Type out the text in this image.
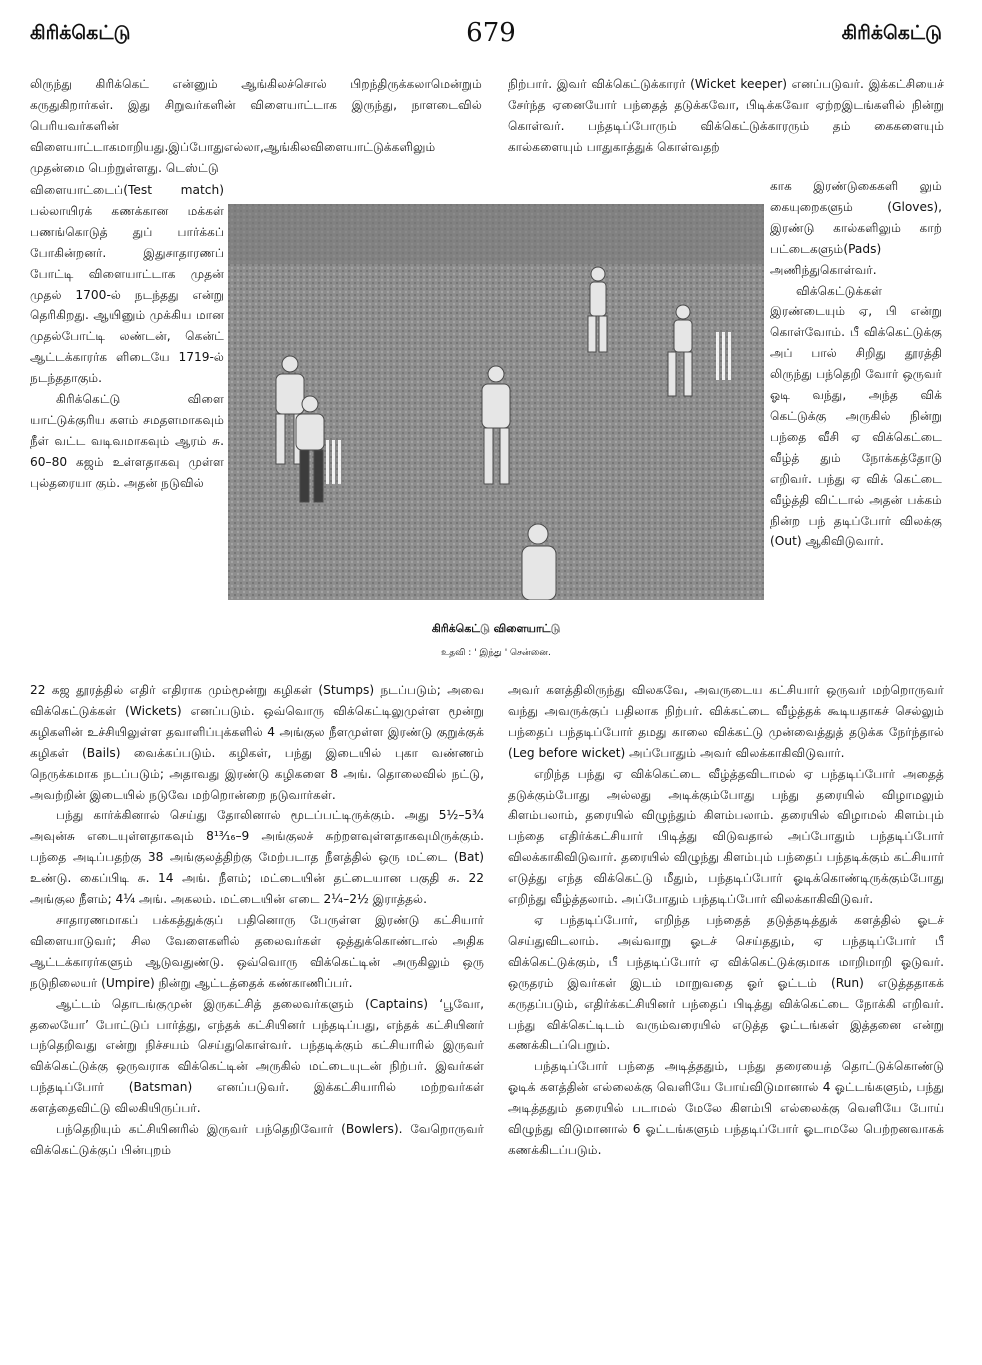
கிரிக்கெட்டு	679	கிரிக்கெட்டு

லிருந்து கிரிக்கெட் என்னும் ஆங்கிலச்சொல் பிறந்திருக்கலாமென்றும் கருதுகிறார்கள். இது சிறுவர்களின் விளையாட்டாக இருந்து, நாளடைவில் பெரியவர்களின் விளையாட்டாகமாறியது.இப்போதுஎல்லா,ஆங்கிலவிளையாட்டுக்களிலும் முதன்மை பெற்றுள்ளது. டெஸ்ட்டு

விளையாட்டைப்(Test match) பல்லாயிரக் கணக்கான மக்கள் பணங்கொடுத் துப் பார்க்கப் போகின்றனர். இதுசாதாரணப் போட்டி விளையாட்டாக முதன் முதல் 1700-ல் நடந்தது என்று தெரிகிறது. ஆயினும் முக்கிய மான முதல்போட்டி லண்டன், கென்ட் ஆட்டக்காரர்க ளிடையே 1719-ல் நடந்ததாகும்.

கிரிக்கெட்டு விளை யாட்டுக்குரிய களம் சமதளமாகவும் நீள் வட்ட வடிவமாகவும் ஆரம் சு. 60–80 கஜம் உள்ளதாகவு முள்ள புல்தரையா கும். அதன் நடுவில்

கிரிக்கெட்டு விளையாட்டு
உதவி : ' இந்து ' சென்னை.

22 கஜ தூரத்தில் எதிர் எதிராக மும்மூன்று கழிகள் (Stumps) நடப்படும்; அவை விக்கெட்டுக்கள் (Wickets) எனப்படும். ஒவ்வொரு விக்கெட்டிலுமுள்ள மூன்று கழிகளின் உச்சியிலுள்ள தவாளிப்புக்களில் 4 அங்குல நீளமுள்ள இரண்டு குறுக்குக் கழிகள் (Bails) வைக்கப்படும். கழிகள், பந்து இடையில் புகா வண்ணம் நெருக்கமாக நடப்படும்; அதாவது இரண்டு கழிகளை 8 அங். தொலைவில் நட்டு, அவற்றின் இடையில் நடுவே மற்றொன்றை நடுவார்கள்.

பந்து கார்க்கினால் செய்து தோலினால் மூடப்பட்டிருக்கும். அது 5½–5¾ அவுன்சு எடையுள்ளதாகவும் 8¹³⁄₁₆–9 அங்குலச் சுற்றளவுள்ளதாகவுமிருக்கும். பந்தை அடிப்பதற்கு 38 அங்குலத்திற்கு மேற்படாத நீளத்தில் ஒரு மட்டை (Bat) உண்டு. கைப்பிடி சு. 14 அங். நீளம்; மட்டையின் தட்டையான பகுதி சு. 22 அங்குல நீளம்; 4¼ அங். அகலம். மட்டையின் எடை 2¼–2½ இராத்தல்.

சாதாரணமாகப் பக்கத்துக்குப் பதினொரு பேருள்ள இரண்டு கட்சியார் விளையாடுவர்; சில வேளைகளில் தலைவர்கள் ஒத்துக்கொண்டால் அதிக ஆட்டக்காரர்களும் ஆடுவதுண்டு. ஒவ்வொரு விக்கெட்டின் அருகிலும் ஒரு நடுநிலையர் (Umpire) நின்று ஆட்டத்தைக் கண்காணிப்பர்.

ஆட்டம் தொடங்குமுன் இருகட்சித் தலைவர்களும் (Captains) ‘பூவோ, தலையோ’ போட்டுப் பார்த்து, எந்தக் கட்சியினர் பந்தடிப்பது, எந்தக் கட்சியினர் பந்தெறிவது என்று நிச்சயம் செய்துகொள்வர். பந்தடிக்கும் கட்சியாரில் இருவர் விக்கெட்டுக்கு ஒருவராக விக்கெட்டின் அருகில் மட்டையுடன் நிற்பர். இவர்கள் பந்தடிப்போர் (Batsman) எனப்படுவர். இக்கட்சியாரில் மற்றவர்கள் களத்தைவிட்டு விலகியிருப்பர்.

பந்தெறியும் கட்சியினரில் இருவர் பந்தெறிவோர் (Bowlers). வேறொருவர் விக்கெட்டுக்குப் பின்புறம்

நிற்பார். இவர் விக்கெட்டுக்காரர் (Wicket keeper) எனப்படுவர். இக்கட்சியைச் சேர்ந்த ஏனையோர் பந்தைத் தடுக்கவோ, பிடிக்கவோ ஏற்றஇடங்களில் நின்று கொள்வர். பந்தடிப்போரும் விக்கெட்டுக்காரரும் தம் கைகளையும் கால்களையும் பாதுகாத்துக் கொள்வதற்

காக இரண்டுகைகளி லும் கையுறைகளும் (Gloves), இரண்டு கால்களிலும் காற் பட்டைகளும்(Pads) அணிந்துகொள்வர்.

விக்கெட்டுக்கள் இரண்டையும் ஏ, பி என்று கொள்வோம். பீ விக்கெட்டுக்கு அப் பால் சிறிது தூரத்தி லிருந்து பந்தெறி வோர் ஒருவர் ஓடி வந்து, அந்த விக் கெட்டுக்கு அருகில் நின்று பந்தை வீசி ஏ விக்கெட்டை வீழ்த் தும் நோக்கத்தோடு எறிவர். பந்து ஏ விக் கெட்டை வீழ்த்தி விட்டால் அதன் பக்கம் நின்ற பந் தடிப்போர் விலக்கு (Out) ஆகிவிடுவார்.

அவர் களத்திலிருந்து விலகவே, அவருடைய கட்சியார் ஒருவர் மற்றொருவர் வந்து அவருக்குப் பதிலாக நிற்பர். விக்கட்டை வீழ்த்தக் கூடியதாகச் செல்லும் பந்தைப் பந்தடிப்போர் தமது காலை விக்கட்டு முன்வைத்துத் தடுக்க நேர்ந்தால் (Leg before wicket) அப்போதும் அவர் விலக்காகிவிடுவார்.

எறிந்த பந்து ஏ விக்கெட்டை வீழ்த்தவிடாமல் ஏ பந்தடிப்போர் அதைத் தடுக்கும்போது அல்லது அடிக்கும்போது பந்து தரையில் விழாமலும் கிளம்பலாம், தரையில் விழுந்தும் கிளம்பலாம். தரையில் விழாமல் கிளம்பும் பந்தை எதிர்க்கட்சியார் பிடித்து விடுவதால் அப்போதும் பந்தடிப்போர் விலக்காகிவிடுவார். தரையில் விழுந்து கிளம்பும் பந்தைப் பந்தடிக்கும் கட்சியார் எடுத்து எந்த விக்கெட்டு மீதும், பந்தடிப்போர் ஓடிக்கொண்டிருக்கும்போது எறிந்து வீழ்த்தலாம். அப்போதும் பந்தடிப்போர் விலக்காகிவிடுவர்.

ஏ பந்தடிப்போர், எறிந்த பந்தைத் தடுத்தடித்துக் களத்தில் ஓடச் செய்துவிடலாம். அவ்வாறு ஓடச் செய்ததும், ஏ பந்தடிப்போர் பீ விக்கெட்டுக்கும், பீ பந்தடிப்போர் ஏ விக்கெட்டுக்குமாக மாறிமாறி ஓடுவர். ஒருதரம் இவர்கள் இடம் மாறுவதை ஓர் ஓட்டம் (Run) எடுத்ததாகக் கருதப்படும், எதிர்க்கட்சியினர் பந்தைப் பிடித்து விக்கெட்டை நோக்கி எறிவர். பந்து விக்கெட்டிடம் வரும்வரையில் எடுத்த ஓட்டங்கள் இத்தனை என்று கணக்கிடப்பெறும்.

பந்தடிப்போர் பந்தை அடித்ததும், பந்து தரையைத் தொட்டுக்கொண்டு ஓடிக் களத்தின் எல்லைக்கு வெளியே போய்விடுமானால் 4 ஓட்டங்களும், பந்து அடித்ததும் தரையில் படாமல் மேலே கிளம்பி எல்லைக்கு வெளியே போய் விழுந்து விடுமானால் 6 ஓட்டங்களும் பந்தடிப்போர் ஓடாமலே பெற்றனவாகக் கணக்கிடப்படும்.
